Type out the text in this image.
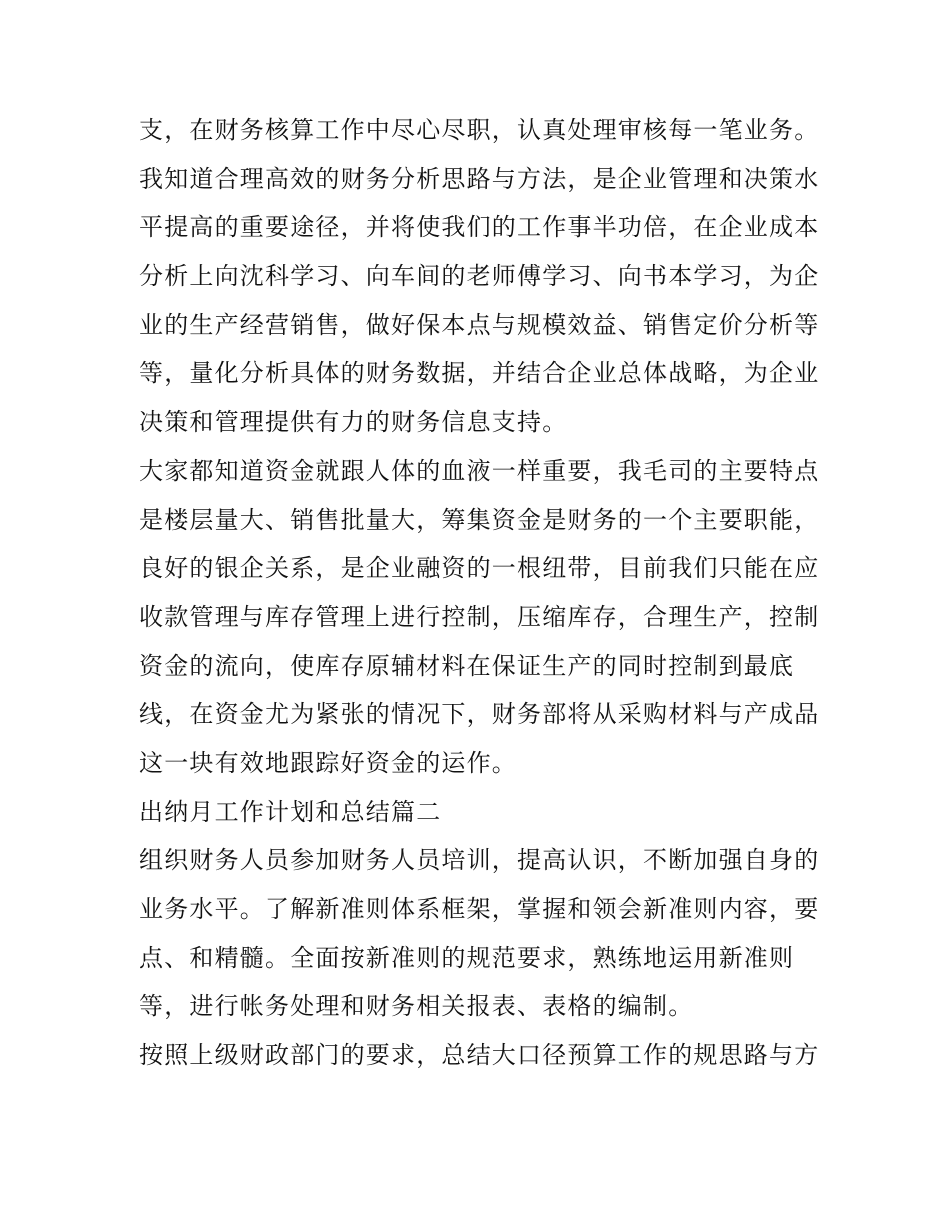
支，在财务核算工作中尽心尽职，认真处理审核每一笔业务。
我知道合理高效的财务分析思路与方法，是企业管理和决策水
平提高的重要途径，并将使我们的工作事半功倍，在企业成本
分析上向沈科学习、向车间的老师傅学习、向书本学习，为企
业的生产经营销售，做好保本点与规模效益、销售定价分析等
等，量化分析具体的财务数据，并结合企业总体战略，为企业
决策和管理提供有力的财务信息支持。
大家都知道资金就跟人体的血液一样重要，我毛司的主要特点
是楼层量大、销售批量大，筹集资金是财务的一个主要职能，
良好的银企关系，是企业融资的一根纽带，目前我们只能在应
收款管理与库存管理上进行控制，压缩库存，合理生产，控制
资金的流向，使库存原辅材料在保证生产的同时控制到最底
线，在资金尤为紧张的情况下，财务部将从采购材料与产成品
这一块有效地跟踪好资金的运作。
出纳月工作计划和总结篇二
组织财务人员参加财务人员培训，提高认识，不断加强自身的
业务水平。了解新准则体系框架，掌握和领会新准则内容，要
点、和精髓。全面按新准则的规范要求，熟练地运用新准则
等，进行帐务处理和财务相关报表、表格的编制。
按照上级财政部门的要求，总结大口径预算工作的规思路与方
